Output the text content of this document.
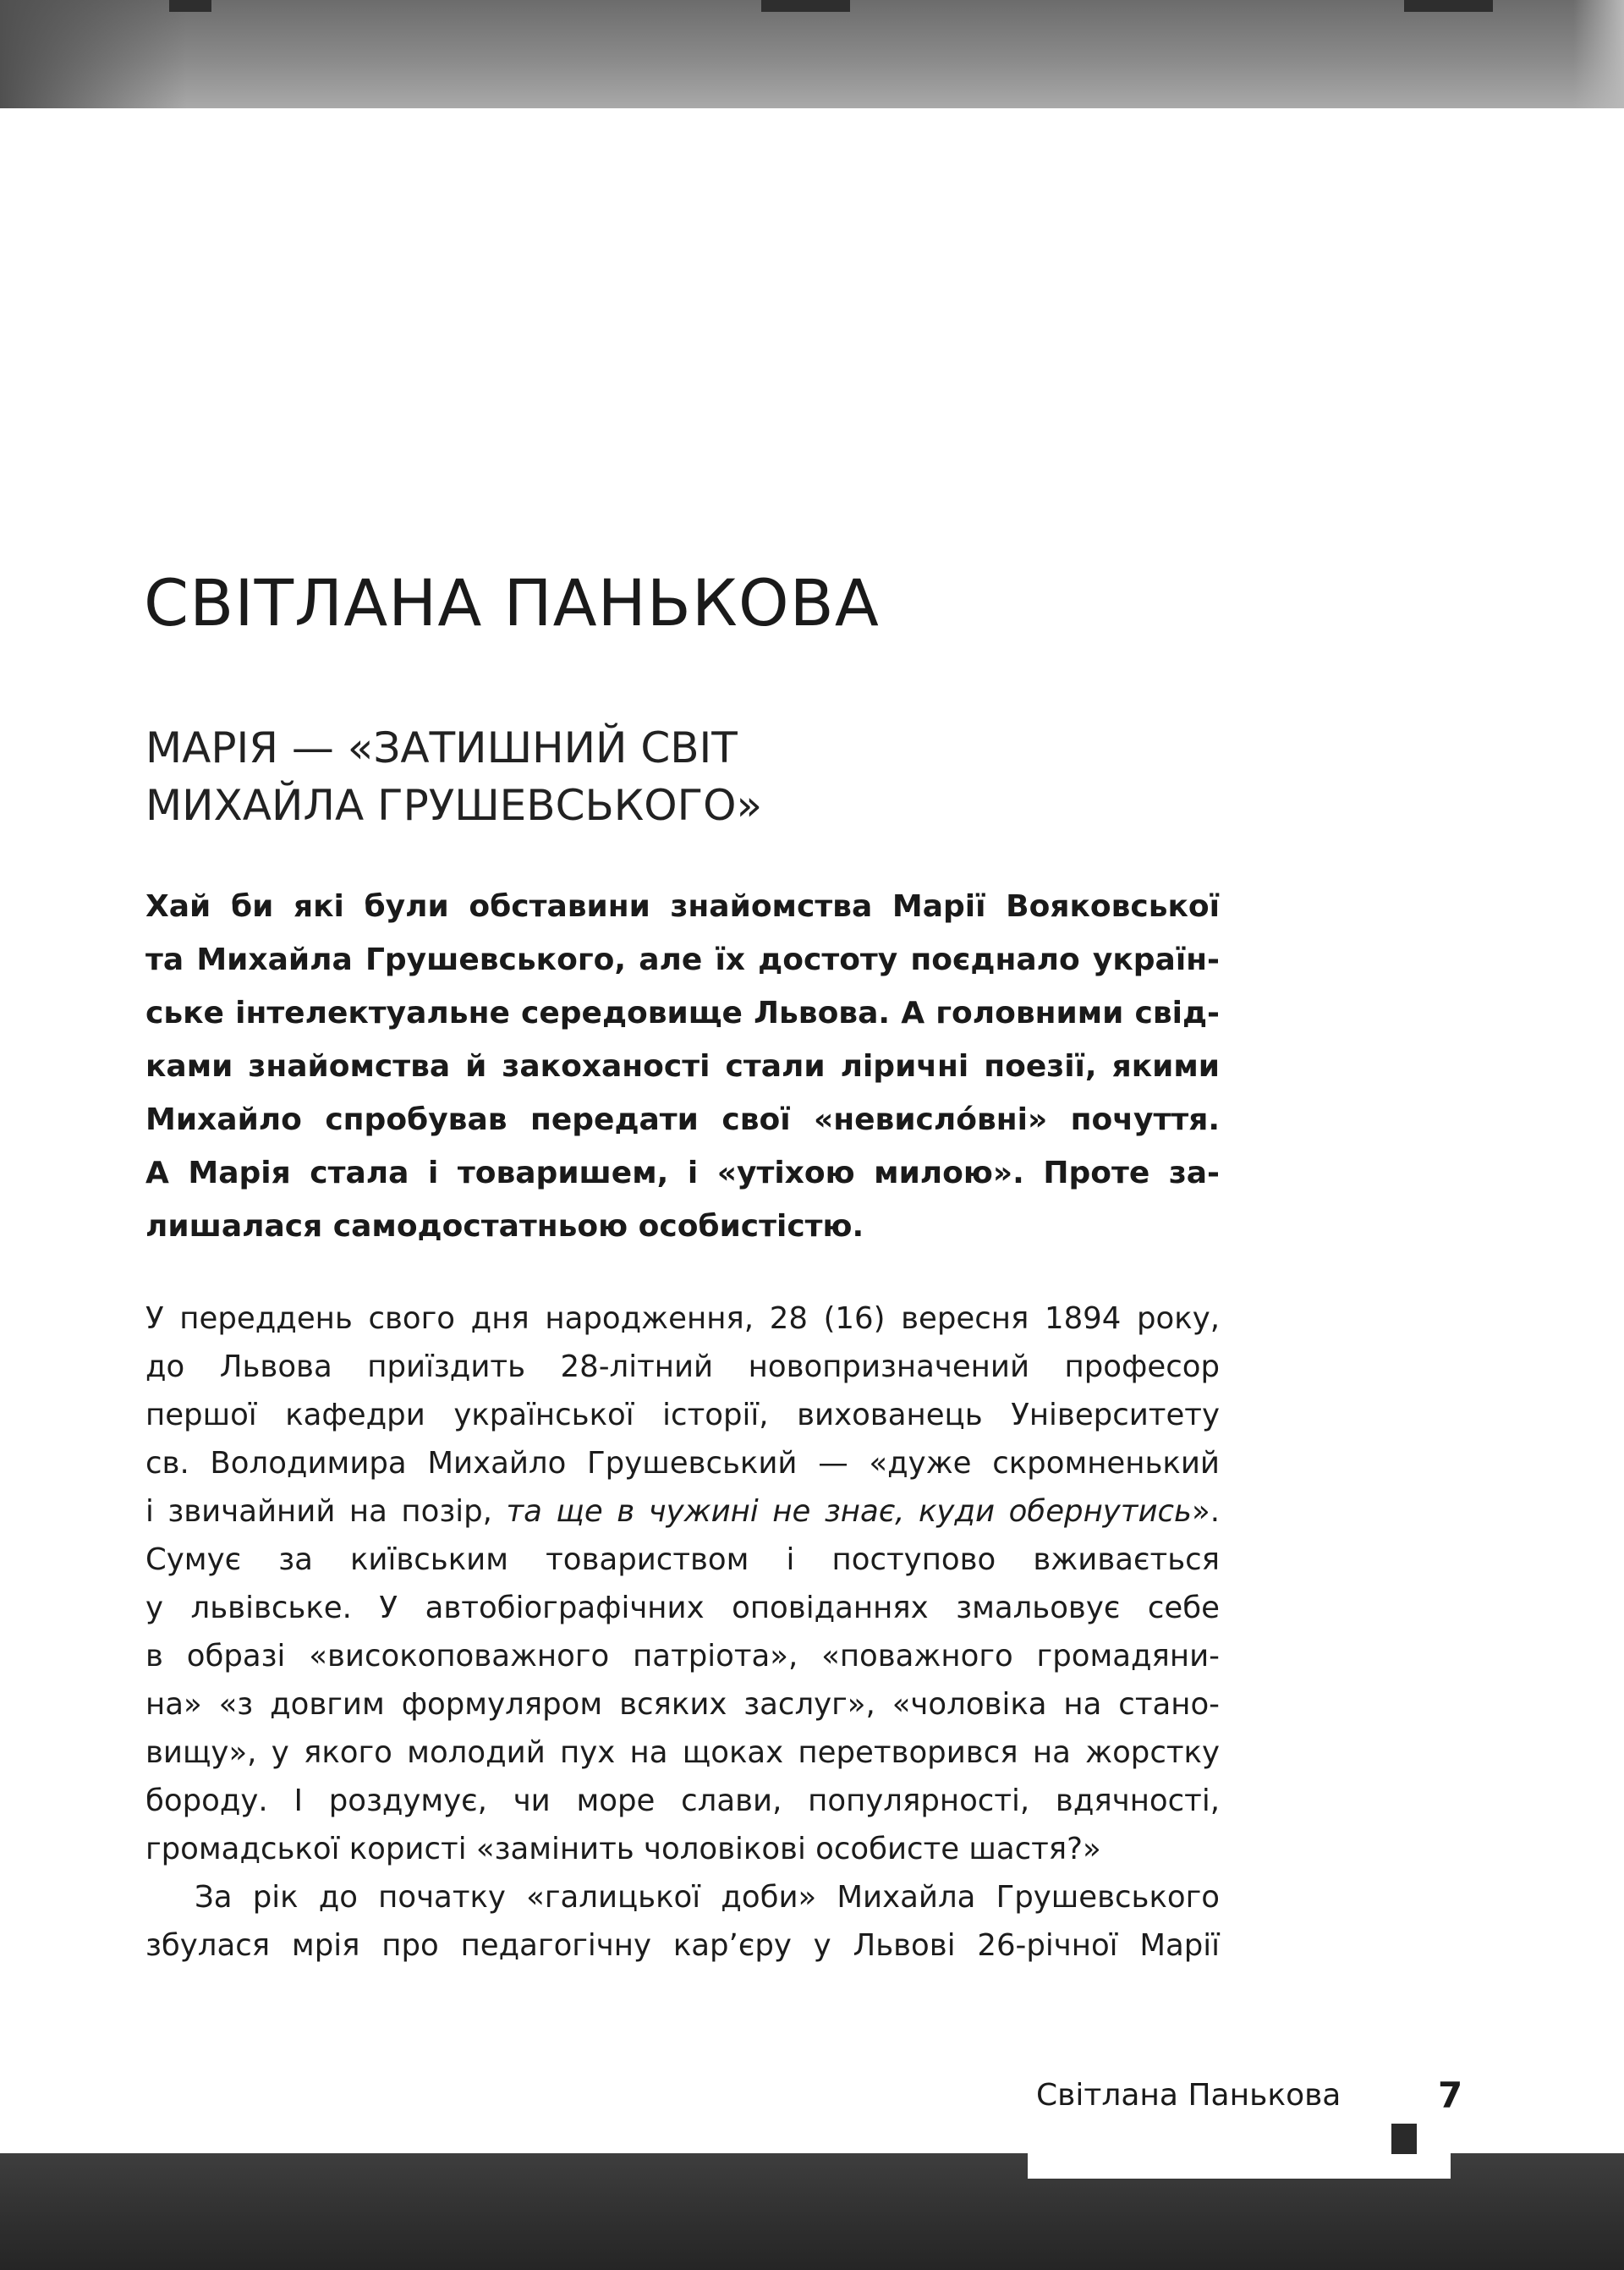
СВІТЛАНА ПАНЬКОВА
МАРІЯ — «ЗАТИШНИЙ СВІТ
МИХАЙЛА ГРУШЕВСЬКОГО»
Хай би які були обставини знайомства Марії Вояковської
та Михайла Грушевського, але їх достоту поєднало україн-
ське інтелектуальне середовище Львова. А головними свід-
ками знайомства й закоханості стали ліричні поезії, якими
Михайло спробував передати свої «невисло́вні» почуття.
А Марія стала і товаришем, і «утіхою милою». Проте за-
лишалася самодостатньою особистістю.
У переддень свого дня народження, 28 (16) вересня 1894 року,
до Львова приїздить 28-літний новопризначений професор
першої кафедри української історії, вихованець Університету
св. Володимира Михайло Грушевський — «дуже скромненький
і звичайний на позір, та ще в чужині не знає, куди обернутись».
Сумує за київським товариством і поступово вживається
у львівське. У автобіографічних оповіданнях змальовує себе
в образі «високоповажного патріота», «поважного громадяни-
на» «з довгим формуляром всяких заслуг», «чоловіка на стано-
вищу», у якого молодий пух на щоках перетворився на жорстку
бороду. І роздумує, чи море слави, популярності, вдячності,
громадської користі «замінить чоловікові особисте шастя?»
За рік до початку «галицької доби» Михайла Грушевського
збулася мрія про педагогічну кар’єру у Львові 26-річної Марії
Світлана Панькова	7
